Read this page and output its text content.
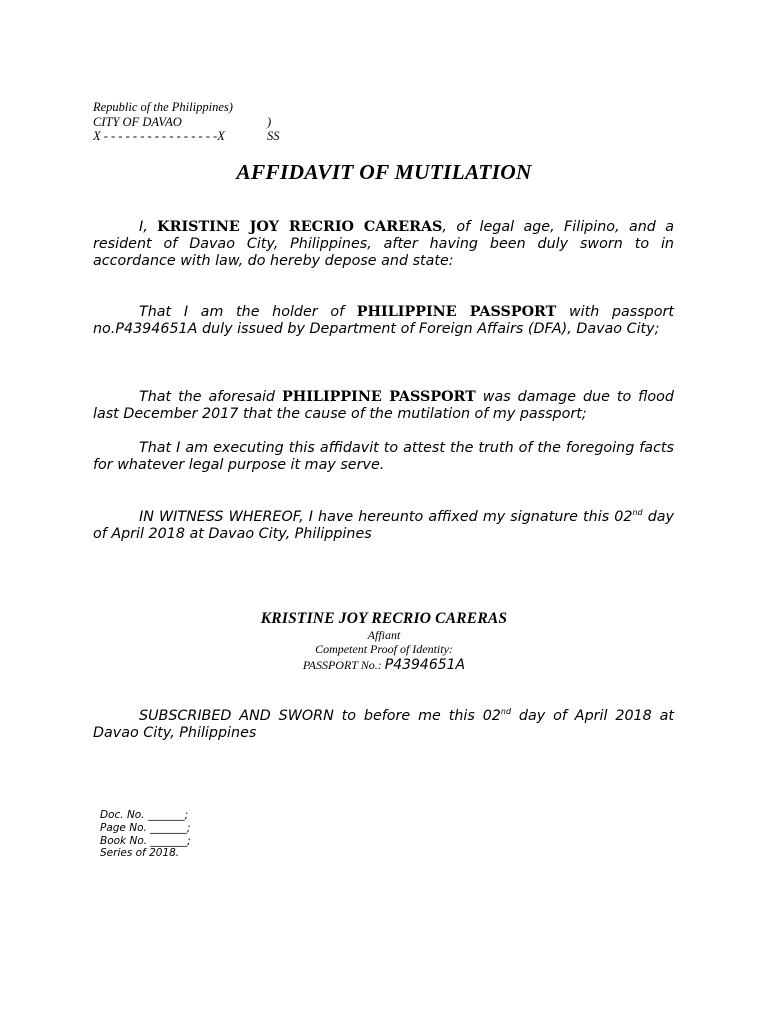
Republic of the Philippines)
CITY OF DAVAO	) SS
X - - - - - - - - - - - - - - - -X
AFFIDAVIT OF MUTILATION
I, KRISTINE JOY RECRIO CARERAS, of legal age, Filipino, and a resident of Davao City, Philippines, after having been duly sworn to in accordance with law, do hereby depose and state:
That I am the holder of PHILIPPINE PASSPORT with passport no.P4394651A duly issued by Department of Foreign Affairs (DFA), Davao City;
That the aforesaid PHILIPPINE PASSPORT was damage due to flood last December 2017 that the cause of the mutilation of my passport;
That I am executing this affidavit to attest the truth of the foregoing facts for whatever legal purpose it may serve.
IN WITNESS WHEREOF, I have hereunto affixed my signature this 02nd day of April 2018 at Davao City, Philippines
KRISTINE JOY RECRIO CARERAS
Affiant
Competent Proof of Identity:
PASSPORT No.: P4394651A
SUBSCRIBED AND SWORN to before me this 02nd day of April 2018 at Davao City, Philippines
Doc. No. _______;
Page No. _______;
Book No. _______;
Series of 2018.
